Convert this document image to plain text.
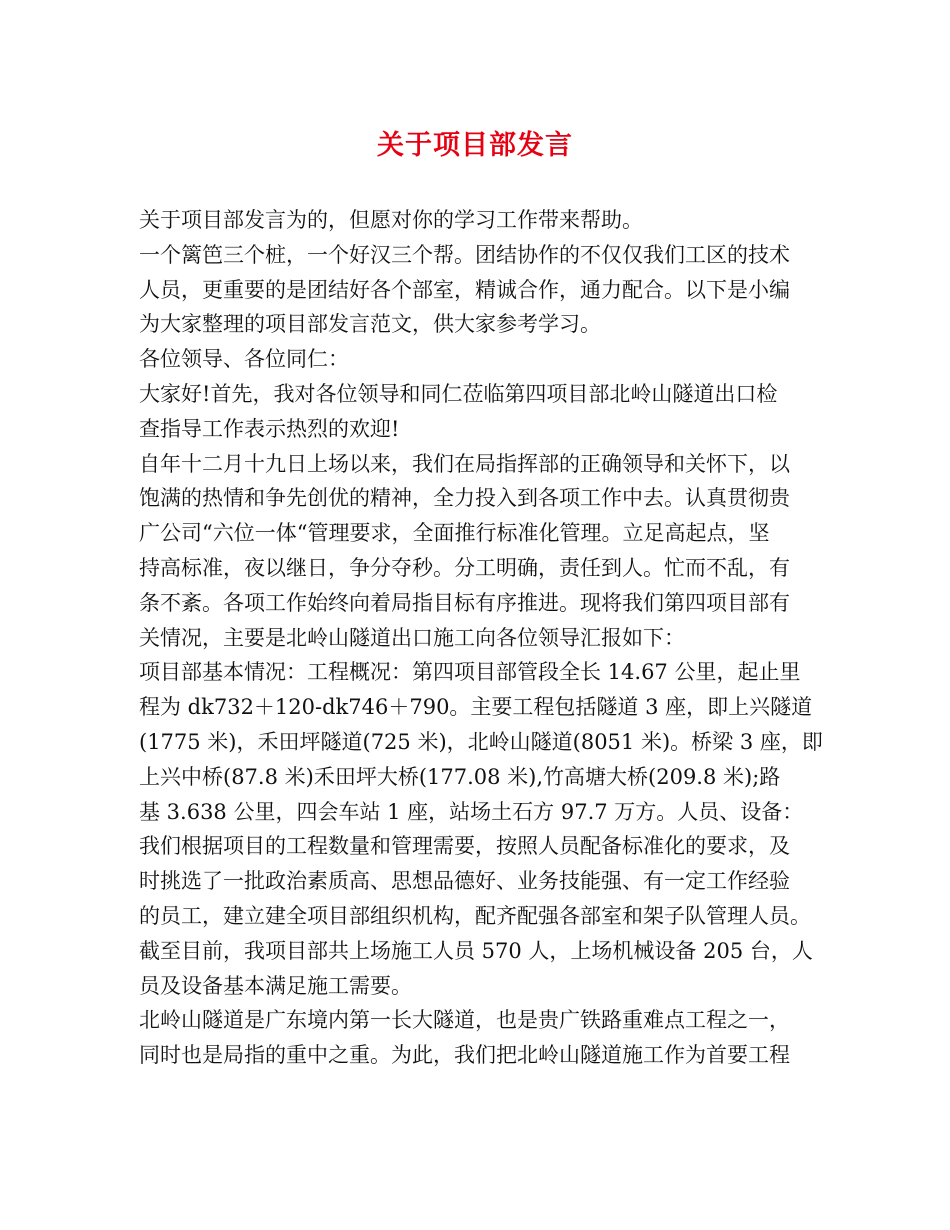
关于项目部发言
关于项目部发言为的，但愿对你的学习工作带来帮助。
一个篱笆三个桩，一个好汉三个帮。团结协作的不仅仅我们工区的技术
人员，更重要的是团结好各个部室，精诚合作，通力配合。以下是小编
为大家整理的项目部发言范文，供大家参考学习。
各位领导、各位同仁：
大家好!首先，我对各位领导和同仁莅临第四项目部北岭山隧道出口检
查指导工作表示热烈的欢迎!
自年十二月十九日上场以来，我们在局指挥部的正确领导和关怀下，以
饱满的热情和争先创优的精神，全力投入到各项工作中去。认真贯彻贵
广公司“六位一体“管理要求，全面推行标准化管理。立足高起点，坚
持高标准，夜以继日，争分夺秒。分工明确，责任到人。忙而不乱，有
条不紊。各项工作始终向着局指目标有序推进。现将我们第四项目部有
关情况，主要是北岭山隧道出口施工向各位领导汇报如下：
项目部基本情况：工程概况：第四项目部管段全长 14.67 公里，起止里
程为 dk732＋120-dk746＋790。主要工程包括隧道 3 座，即上兴隧道
(1775 米)，禾田坪隧道(725 米)，北岭山隧道(8051 米)。桥梁 3 座，即
上兴中桥(87.8 米)禾田坪大桥(177.08 米),竹高塘大桥(209.8 米);路
基 3.638 公里，四会车站 1 座，站场土石方 97.7 万方。人员、设备：
我们根据项目的工程数量和管理需要，按照人员配备标准化的要求，及
时挑选了一批政治素质高、思想品德好、业务技能强、有一定工作经验
的员工，建立建全项目部组织机构，配齐配强各部室和架子队管理人员。
截至目前，我项目部共上场施工人员 570 人，上场机械设备 205 台，人
员及设备基本满足施工需要。
北岭山隧道是广东境内第一长大隧道，也是贵广铁路重难点工程之一，
同时也是局指的重中之重。为此，我们把北岭山隧道施工作为首要工程
